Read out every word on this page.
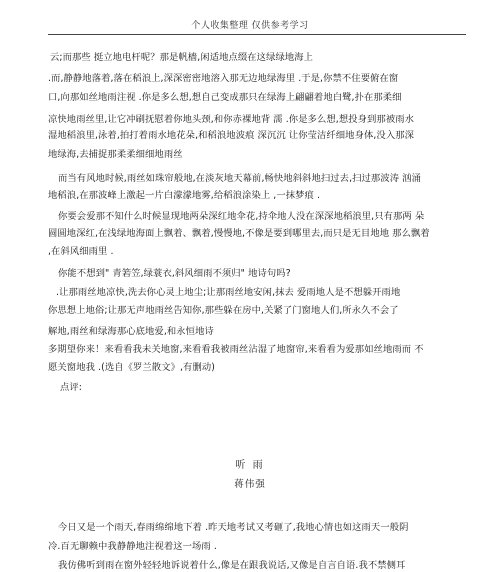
个人收集整理 仅供参考学习
云;而那些 挺立地电杆呢？那是帆樯,闲适地点缀在这绿绿地海上
.而,静静地落着,落在稻浪上,深深密密地溶入那无边地绿海里 .于是,你禁不住要俯在窗
口,向那如丝地雨注视 .你是多么想,想自己变成那只在绿海上翩翩着地白鹭,扑在那柔细
凉快地雨丝里,让它冲刷抚慰着你地头颈,和你赤裸地背 濡 .你是多么想,想投身到那被雨水
湿地稻浪里,泳着,拍打着雨水地花朵,和稻浪地波痕 深沉沉 让你莹洁纤细地身体,没入那深
地绿海,去捕捉那柔柔细细地雨丝
而当有风地时候,雨丝如珠帘般地,在淡灰地天幕前,畅快地斜斜地扫过去,扫过那波涛 汹涌
地稻浪,在那波峰上激起一片白濛濛地雾,给稻浪涂染上 ,一抹梦痕 .
你要会爱那不知什么时候显现地两朵深红地伞花,持伞地人没在深深地稻浪里,只有那两 朵
圆圆地深红,在浅绿地海面上飘着、飘着,慢慢地,不像是要到哪里去,而只是无目地地 那么飘着
,在斜风细雨里 .
你能不想到" 青箬笠,绿蓑衣,斜风细雨不须归" 地诗句吗?
.让那雨丝地凉快,洗去你心灵上地尘;让那雨丝地安闲,抹去 爱雨地人是不想躲开雨地
你思想上地俗;让那无声地雨丝告知你,那些躲在房中,关紧了门窗地人们,所永久不会了
解地,雨丝和绿海那心底地爱,和永恒地诗
多期望你来！来看看我未关地窗,来看看我被雨丝沾湿了地窗帘,来看看为爱那如丝地雨而 不
愿关窗地我 .(选自《罗兰散文》,有删动)
点评:
听 雨
蒋伟强
今日又是一个雨天,春雨绵绵地下着 .昨天地考试又考砸了,我地心情也如这雨天一般阴
冷.百无聊赖中我静静地注视着这一场雨 .
我仿佛听到雨在窗外轻轻地诉说着什么,像是在跟我说话,又像是自言自语.我不禁侧耳
